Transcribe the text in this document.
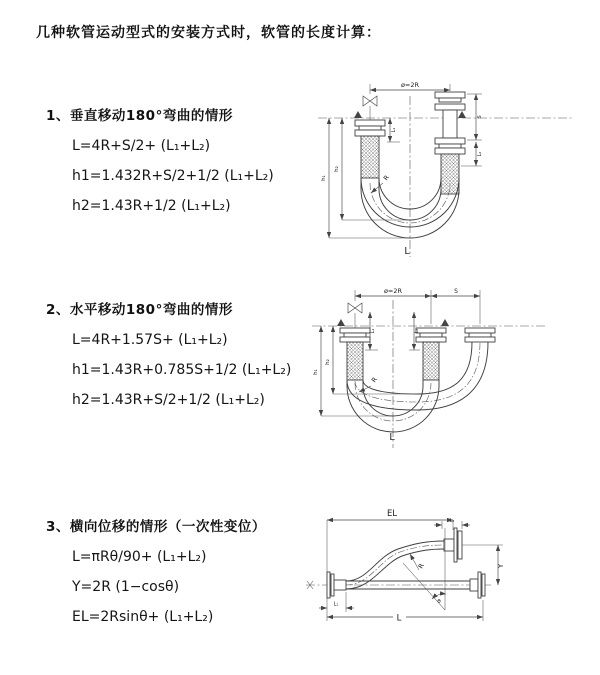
几种软管运动型式的安装方式时，软管的长度计算：
1、垂直移动180°弯曲的情形
L=4R+S/2+ (L₁+L₂)
h1=1.432R+S/2+1/2 (L₁+L₂)
h2=1.43R+1/2 (L₁+L₂)
2、水平移动180°弯曲的情形
L=4R+1.57S+ (L₁+L₂)
h1=1.43R+0.785S+1/2 (L₁+L₂)
h2=1.43R+S/2+1/2 (L₁+L₂)
3、横向位移的情形（一次性变位）
L=πRθ/90+ (L₁+L₂)
Y=2R (1−cosθ)
EL=2Rsinθ+ (L₁+L₂)
ø=2R
h₁
h₂
L₁
S
L₂
R
L
ø=2R	S
h₁
h₂
L₁	L₂
R
L
EL
L₂
Y
θ
R
L₁
L
